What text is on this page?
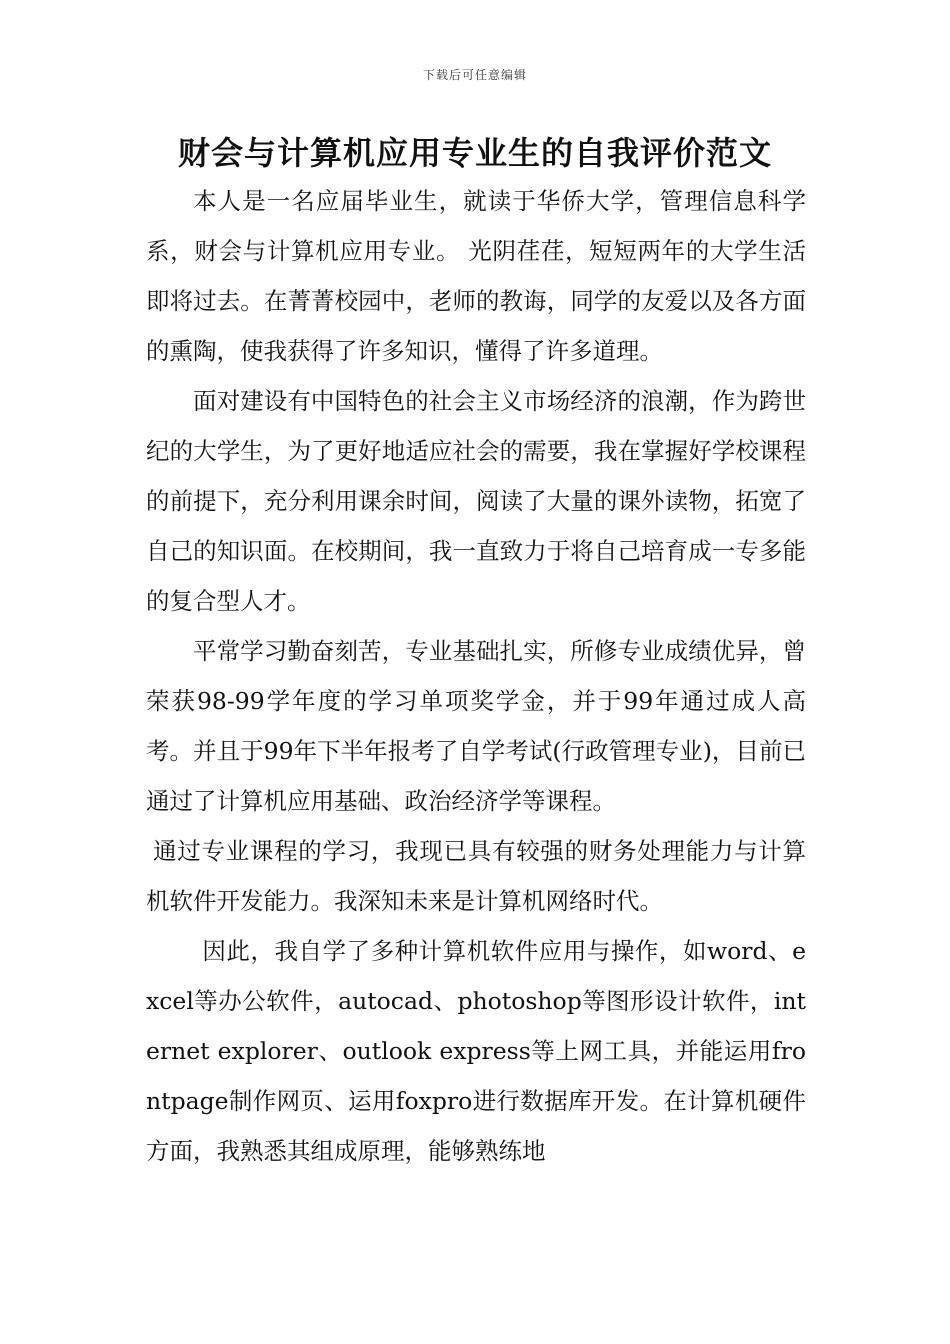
下载后可任意编辑
财会与计算机应用专业生的自我评价范文

本人是一名应届毕业生，就读于华侨大学，管理信息科学系，财会与计算机应用专业。 光阴荏荏，短短两年的大学生活即将过去。在菁菁校园中，老师的教诲，同学的友爱以及各方面的熏陶，使我获得了许多知识，懂得了许多道理。

面对建设有中国特色的社会主义市场经济的浪潮，作为跨世纪的大学生，为了更好地适应社会的需要，我在掌握好学校课程的前提下，充分利用课余时间，阅读了大量的课外读物，拓宽了自己的知识面。在校期间，我一直致力于将自己培育成一专多能的复合型人才。

平常学习勤奋刻苦，专业基础扎实，所修专业成绩优异，曾荣获98-99学年度的学习单项奖学金，并于99年通过成人高考。并且于99年下半年报考了自学考试(行政管理专业)，目前已通过了计算机应用基础、政治经济学等课程。

通过专业课程的学习，我现已具有较强的财务处理能力与计算机软件开发能力。我深知未来是计算机网络时代。

因此，我自学了多种计算机软件应用与操作，如word、excel等办公软件，autocad、photoshop等图形设计软件，internet explorer、outlook express等上网工具，并能运用frontpage制作网页、运用foxpro进行数据库开发。在计算机硬件方面，我熟悉其组成原理，能够熟练地
